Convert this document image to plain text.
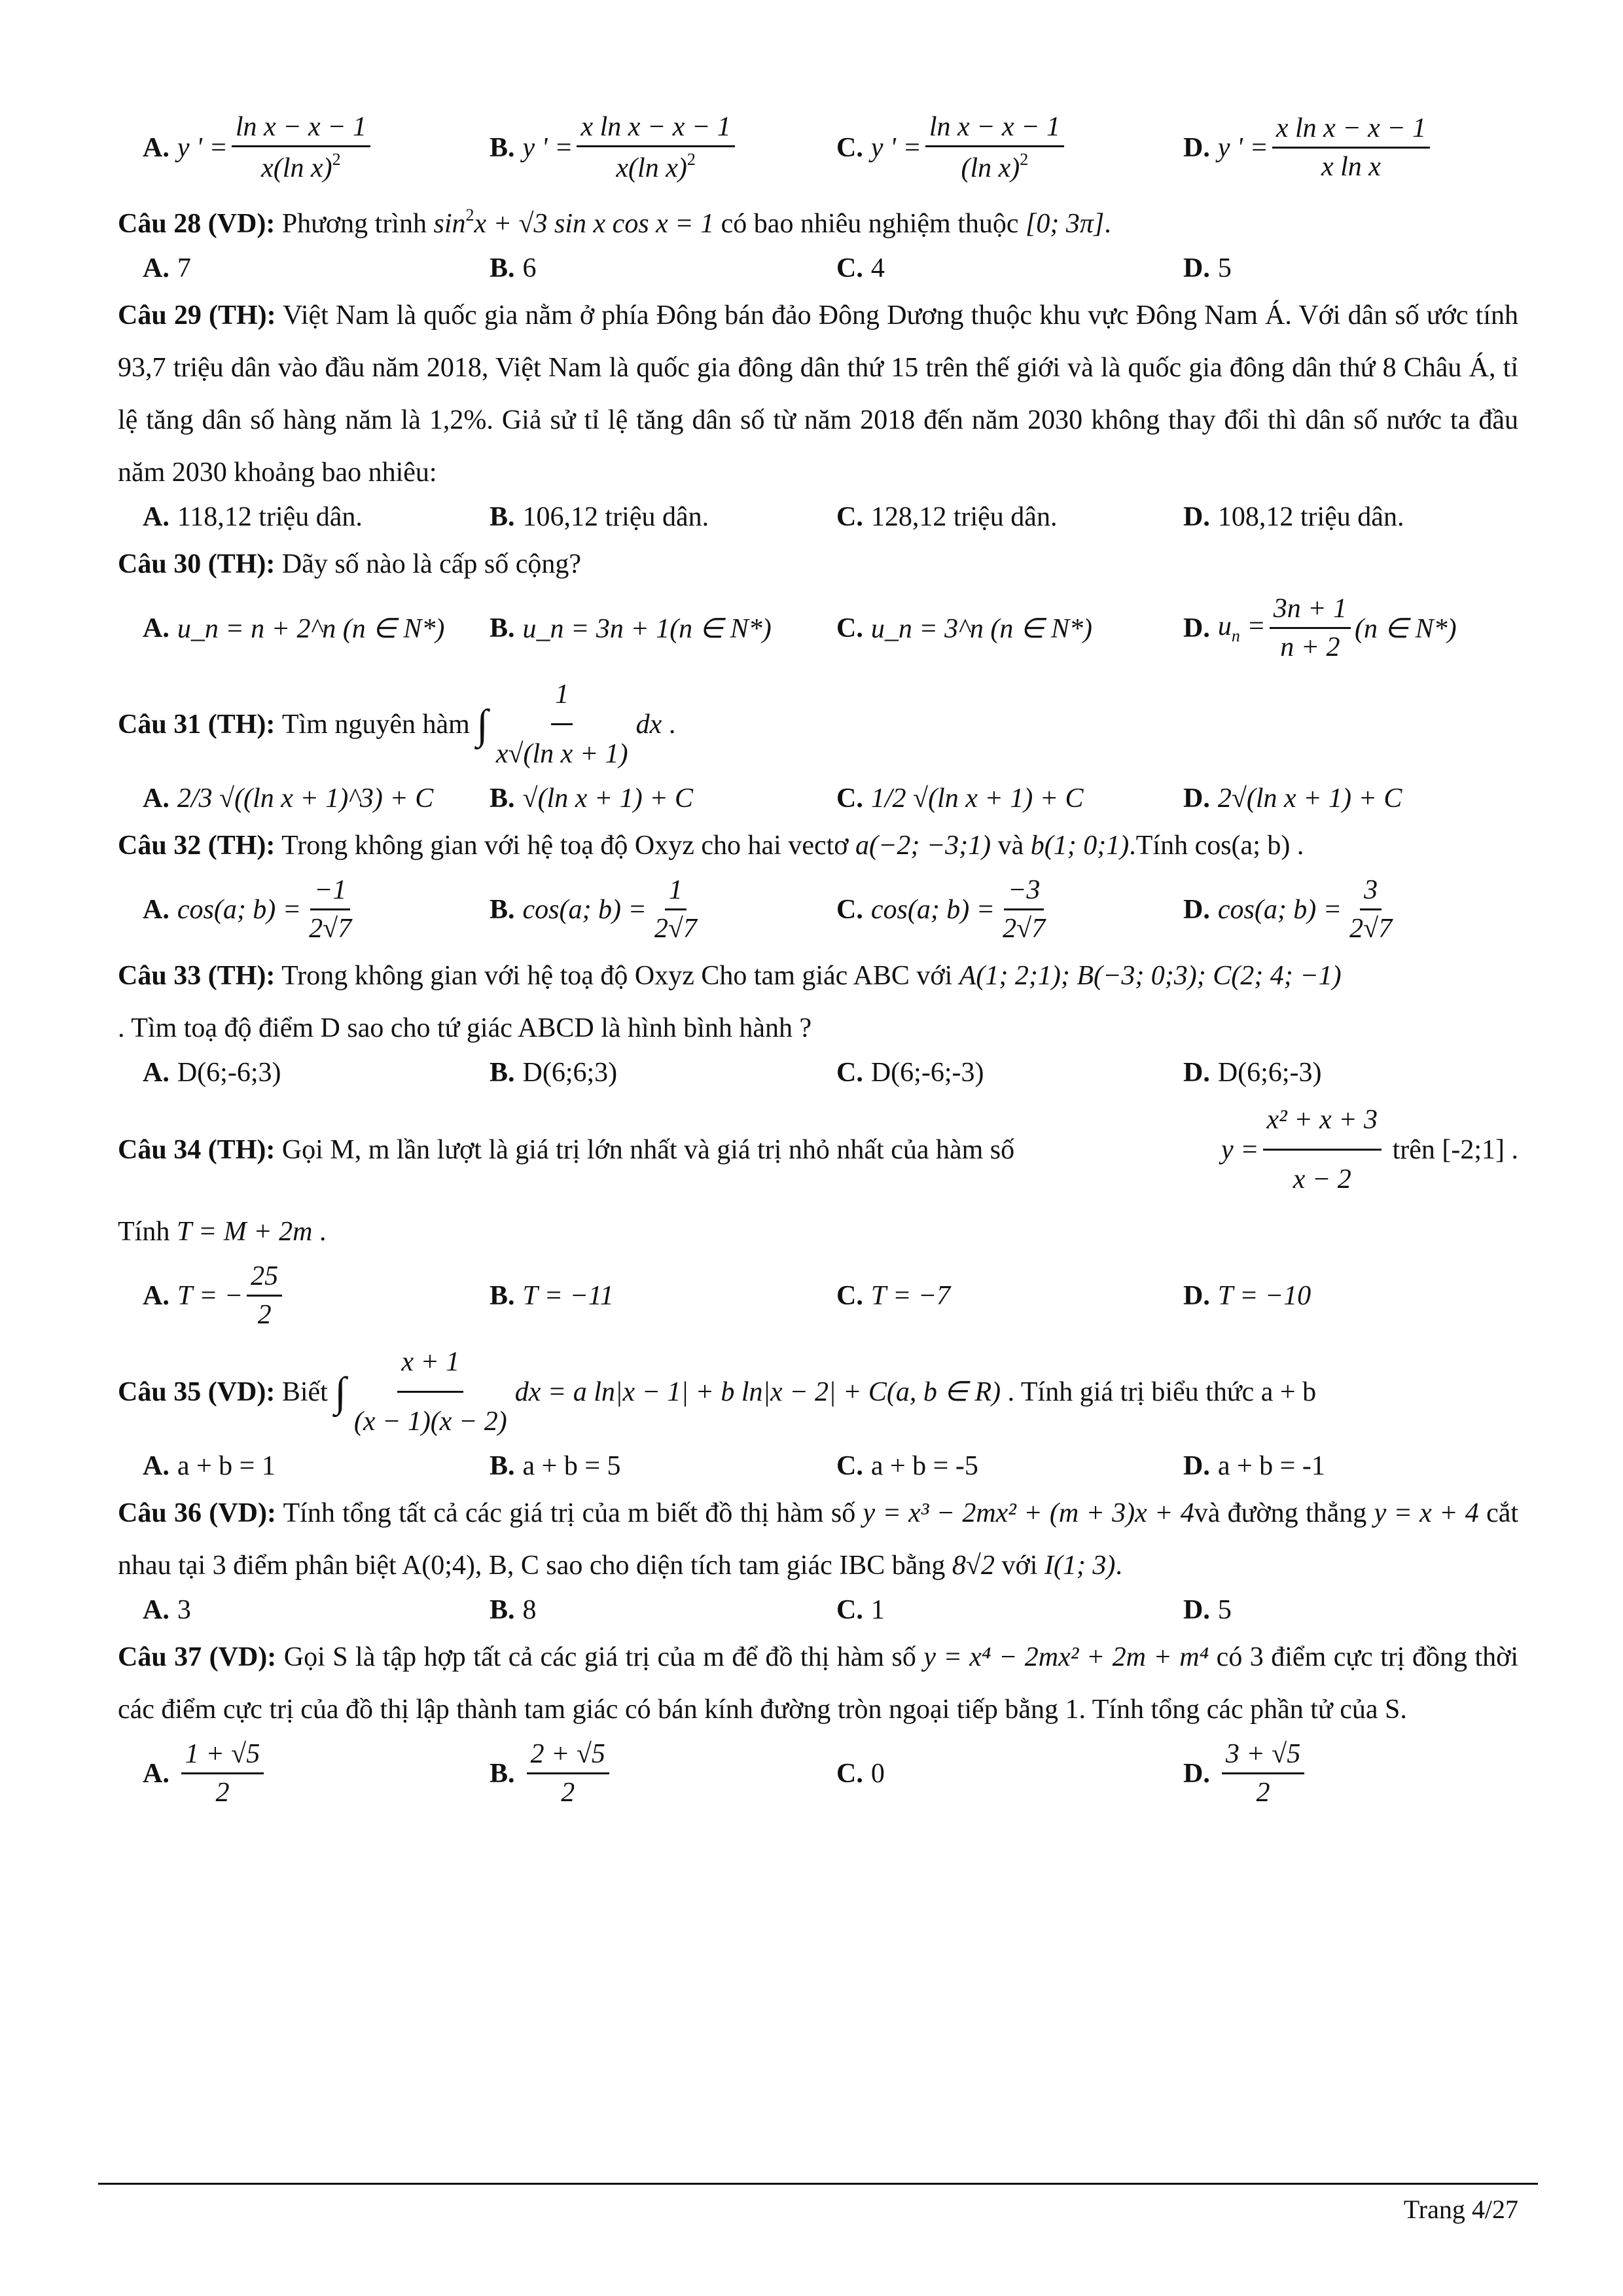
A. y ' = $\frac{\text{ln x − x − 1}}{x(\ln x)^2}$	B. y ' = $\frac{\text{x ln x − x − 1}}{x(\ln x)^2}$	C. y ' = $\frac{\text{ln x − x − 1}}{(\ln x)^2}$	D. y ' = $\frac{\text{x ln x − x − 1}}{\text{x ln x}}$

Câu 28 (VD): Phương trình $\sin^2x + √3$ sin x cos x = 1 có bao nhiêu nghiệm thuộc [0; 3π].

A. 7	B. 6	C. 4	D. 5

Câu 29 (TH): Việt Nam là quốc gia nằm ở phía Đông bán đảo Đông Dương thuộc khu vực Đông Nam Á. Với dân số ước tính 93,7 triệu dân vào đầu năm 2018, Việt Nam là quốc gia đông dân thứ 15 trên thế giới và là quốc gia đông dân thứ 8 Châu Á, tỉ lệ tăng dân số hàng năm là 1,2%. Giả sử tỉ lệ tăng dân số từ năm 2018 đến năm 2030 không thay đổi thì dân số nước ta đầu năm 2030 khoảng bao nhiêu:

A. 118,12 triệu dân.	B. 106,12 triệu dân.	C. 128,12 triệu dân.	D. 108,12 triệu dân.

Câu 30 (TH): Dãy số nào là cấp số cộng?

A. u_n = n + 2^n (n ∈ N*) B. u_n = 3n + 1(n ∈ N*) C. u_n = 3^n (n ∈ N*)	D. $u_n = \frac{3n + 1}{n + 2} (n$ ∈ N*)

Câu 31 (TH):
Tìm nguyên hàm
∫ $\frac{1}{\text{x√(ln x + 1)}}$ dx
.

A. 2/3 √((ln x + 1)^3) + C B. √(ln x + 1) + C	C. 1/2 √(ln x + 1) + C	D. 2√(ln x + 1) + C

Câu 32 (TH): Trong không gian với hệ toạ độ Oxyz cho hai vectơ a(−2; −3;1) và b(1; 0;1).Tính cos(a; b) .

A. cos(a; $b) = \frac{-1}{2√7}$	B. cos(a; $b) = \frac{1}{2√7}$	C. cos(a; $b) = \frac{-3}{2√7}$	D. cos(a; $b) = \frac{3}{2√7}$

Câu 33 (TH): Trong không gian với hệ toạ độ Oxyz Cho tam giác ABC với A(1; 2;1); B(−3; 0;3); C(2; 4; −1)
. Tìm toạ độ điểm D sao cho tứ giác ABCD là hình bình hành ?

A. D(6;-6;3)	B. D(6;6;3)	C. D(6;-6;-3)	D. D(6;6;-3)

Câu 34 (TH): Gọi M, m lần lượt là giá trị lớn nhất và giá trị nhỏ nhất của hàm số	$y = \frac{\text{x² + x + 3}}{x - 2}$
trên [-2;1] .

Tính T = M + 2m .

A. T = − $\frac{25}{2}$	B. T = −11	C. T = −7	D. T = −10

Câu 35 (VD):
Biết
∫ $\frac{x + 1}{(x - 1)(x - 2)}$ dx = a ln|x − 1| + b ln|x − 2| + C(a, b ∈ R)
. Tính giá trị biểu thức a + b

A. a + b = 1	B. a + b = 5	C. a + b = -5	D. a + b = -1

Câu 36 (VD): Tính tổng tất cả các giá trị của m biết đồ thị hàm số y = x³ − 2mx² + (m + 3)x + 4và đường thẳng y = x + 4 cắt nhau tại 3 điểm phân biệt A(0;4), B, C sao cho diện tích tam giác IBC bằng 8√2 với I(1; 3).

A. 3	B. 8	C. 1	D. 5

Câu 37 (VD): Gọi S là tập hợp tất cả các giá trị của m để đồ thị hàm số y = x⁴ − 2mx² + 2m + m⁴ có 3 điểm cực trị đồng thời các điểm cực trị của đồ thị lập thành tam giác có bán kính đường tròn ngoại tiếp bằng 1. Tính tổng các phần tử của S.

A. $\frac{1 + √5}{2}$	B. $\frac{2 + √5}{2}$	C. 0	D. $\frac{3 + √5}{2}$
Trang 4/27
